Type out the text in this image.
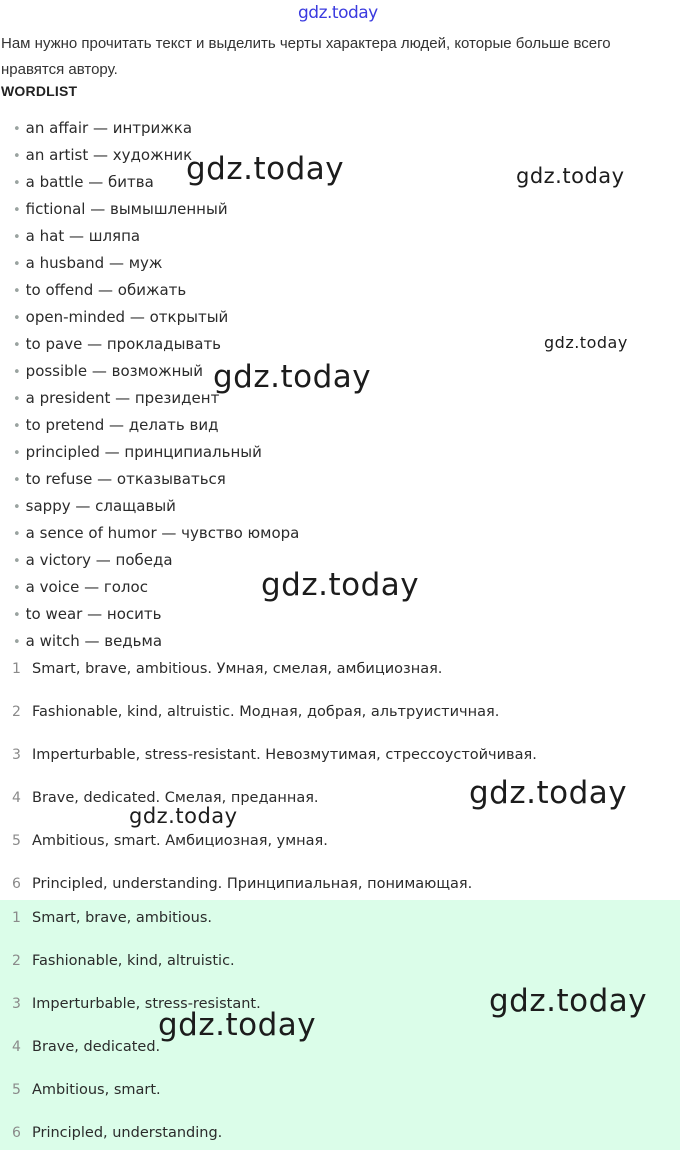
gdz.today
Нам нужно прочитать текст и выделить черты характера людей, которые больше всего нравятся автору.
WORDLIST
• an affair — интрижка
• an artist — художник
• a battle — битва
• fictional — вымышленный
• a hat — шляпа
• a husband — муж
• to offend — обижать
• open-minded — открытый
• to pave — прокладывать
• possible — возможный
• a president — президент
• to pretend — делать вид
• principled — принципиальный
• to refuse — отказываться
• sappy — слащавый
• a sence of humor — чувство юмора
• a victory — победа
• a voice — голос
• to wear — носить
• a witch — ведьма
1 Smart, brave, ambitious. Умная, смелая, амбициозная.
2 Fashionable, kind, altruistic. Модная, добрая, альтруистичная.
3 Imperturbable, stress-resistant. Невозмутимая, стрессоустойчивая.
4 Brave, dedicated. Смелая, преданная.
5 Ambitious, smart. Амбициозная, умная.
6 Principled, understanding. Принципиальная, понимающая.
1 Smart, brave, ambitious.
2 Fashionable, kind, altruistic.
3 Imperturbable, stress-resistant.
4 Brave, dedicated.
5 Ambitious, smart.
6 Principled, understanding.
gdz.today	gdz.today
gdz.today
gdz.today
gdz.today
gdz.today
gdz.today
gdz.today
gdz.today
